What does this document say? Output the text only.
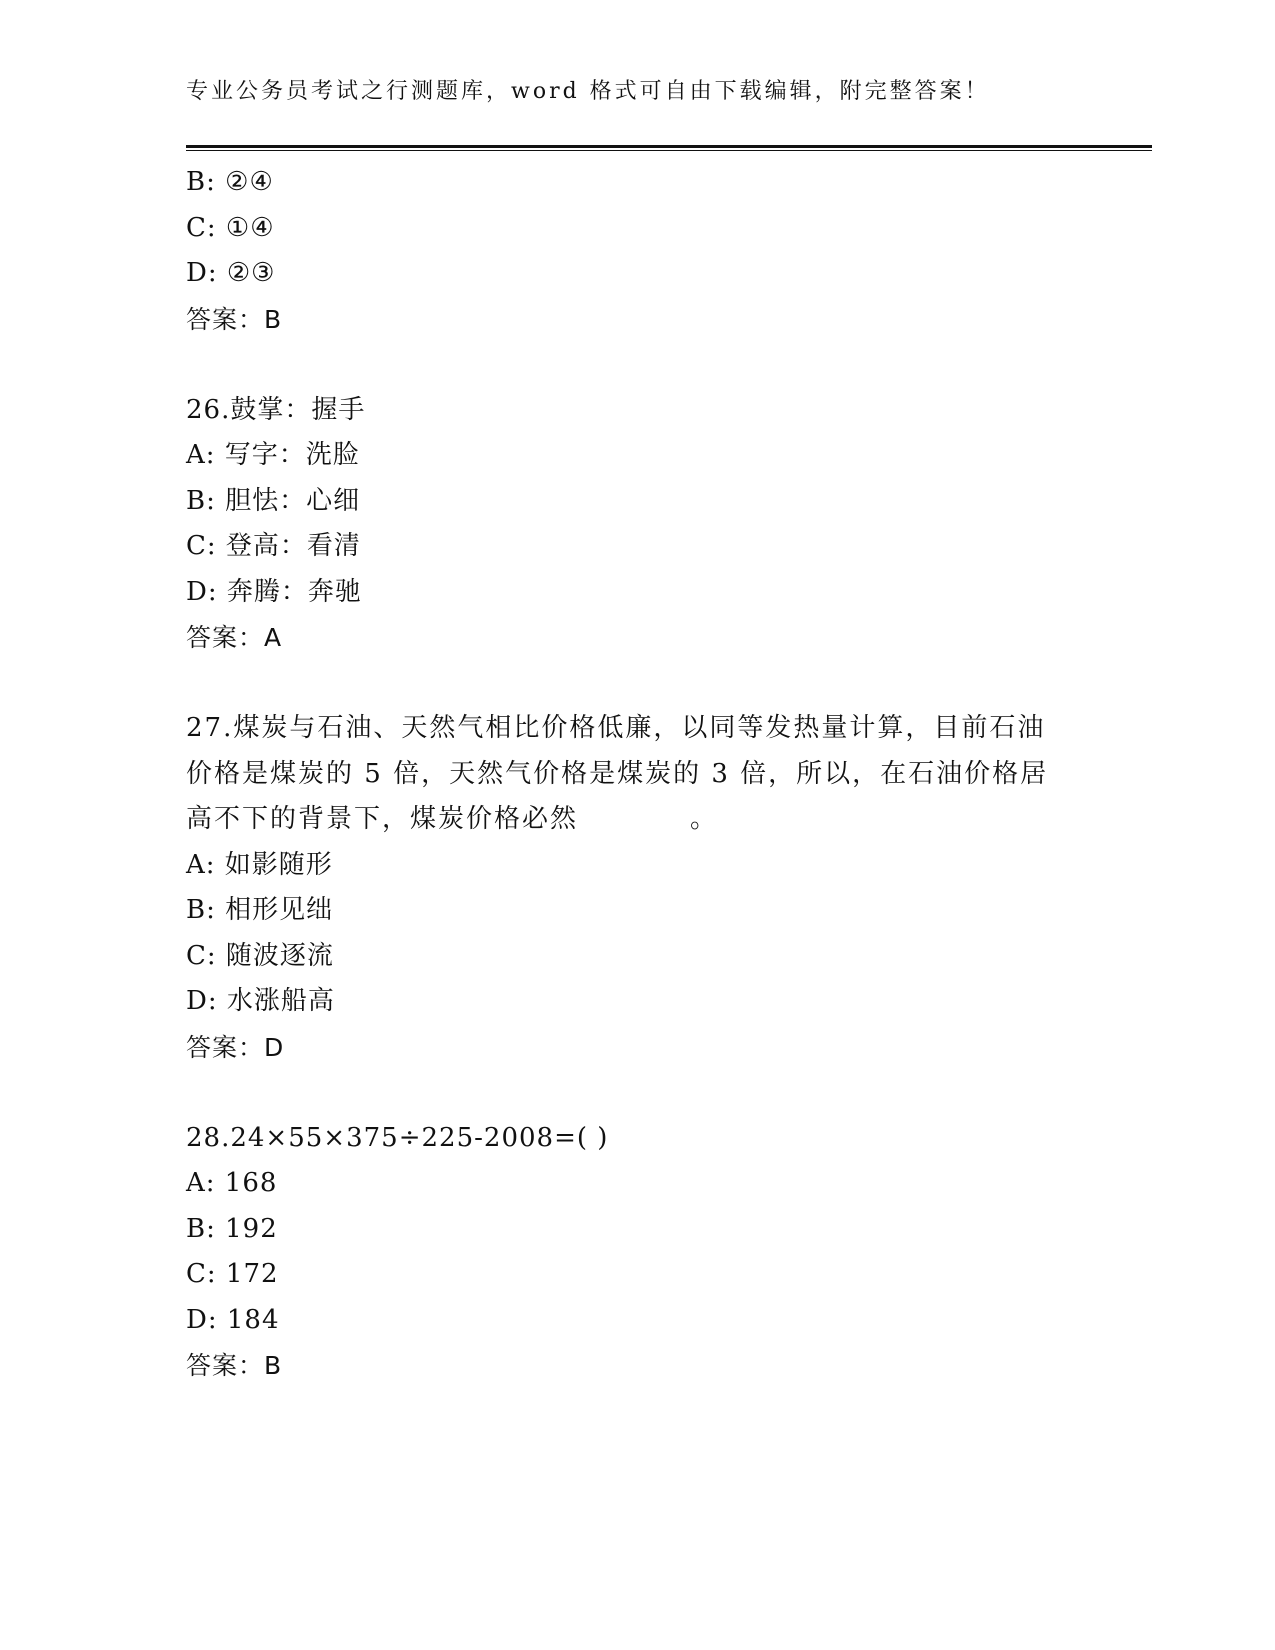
专业公务员考试之行测题库，word 格式可自由下载编辑，附完整答案！
B: ②④
C: ①④
D: ②③
答案：B
26.鼓掌：握手
A: 写字：洗脸
B: 胆怯：心细
C: 登高：看清
D: 奔腾：奔驰
答案：A
27.煤炭与石油、天然气相比价格低廉，以同等发热量计算，目前石油
价格是煤炭的 5 倍，天然气价格是煤炭的 3 倍，所以，在石油价格居
高不下的背景下，煤炭价格必然　　　　。
A: 如影随形
B: 相形见绌
C: 随波逐流
D: 水涨船高
答案：D
28.24×55×375÷225-2008=( )
A: 168
B: 192
C: 172
D: 184
答案：B
